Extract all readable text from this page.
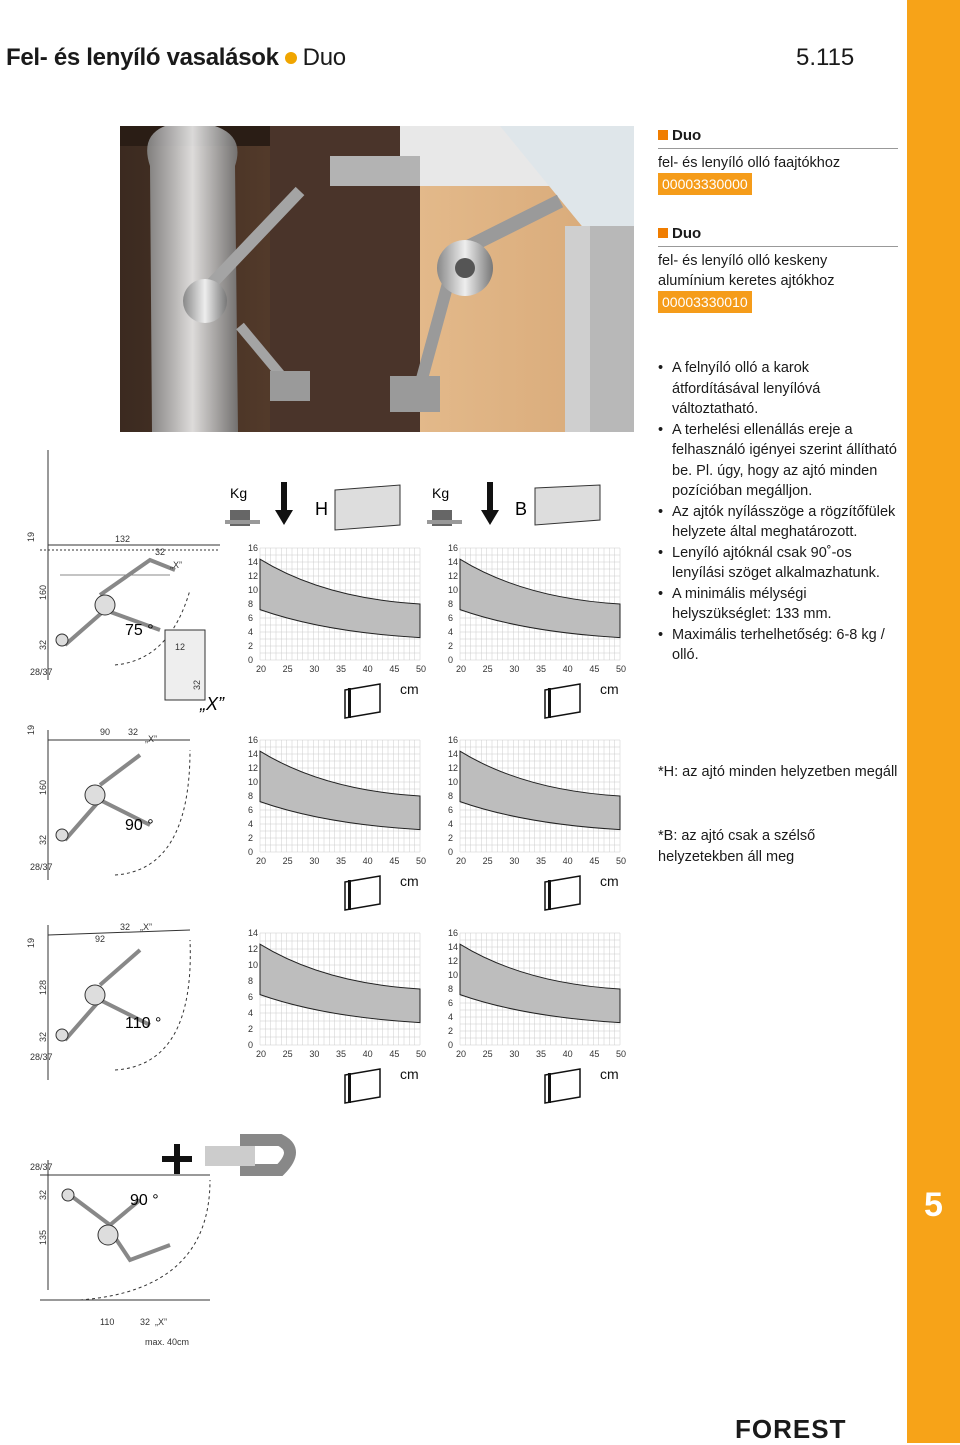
5
Fel- és lenyíló vasalások Duo	5.115
Duo
fel- és lenyíló olló faajtókhoz
00003330000
Duo
fel- és lenyíló olló keskeny alumínium keretes ajtókhoz
00003330010
• A felnyíló olló a karok átfordításával lenyílóvá változtatható.
• A terhelési ellenállás ereje a felhasználó igényei szerint állítható be. Pl. úgy, hogy az ajtó minden pozícióban megálljon.
• Az ajtók nyílásszöge a rögzítőfülek helyzete által meghatározott.
• Lenyíló ajtóknál csak 90˚-os lenyílási szöget alkalmazhatunk.
• A minimális mélységi helyszükséglet: 133 mm.
• Maximális terhelhetőség: 6-8 kg / olló.
*H: az ajtó minden helyzetben megáll
*B: az ajtó csak a szélső helyzetekben áll meg
19
160
32
28/37
132
32
„X”
75 °
12
32
„X”
19
160
32
28/37
90 32
„X”
90 °
19
128
32
28/37
92
32 „X”
110 °
28/37
32
135
110	32 „X”
max. 40cm
90 °
16
14
12
10
8
6
4
2
0
20 25 30 35 40 45 50
cm
16
14
12
10
8
6
4
2
0
20 25 30 35 40 45 50
cm
16
14
12
10
8
6
4
2
0
20 25 30 35 40 45 50
cm
16
14
12
10
8
6
4
2
0
20 25 30 35 40 45 50
cm
14
12
10
8
6
4
2
0
20 25 30 35 40 45 50
cm
16
14
12
10
8
6
4
2
0
20 25 30 35 40 45 50
cm
Kg
H
Kg
B
FOREST
